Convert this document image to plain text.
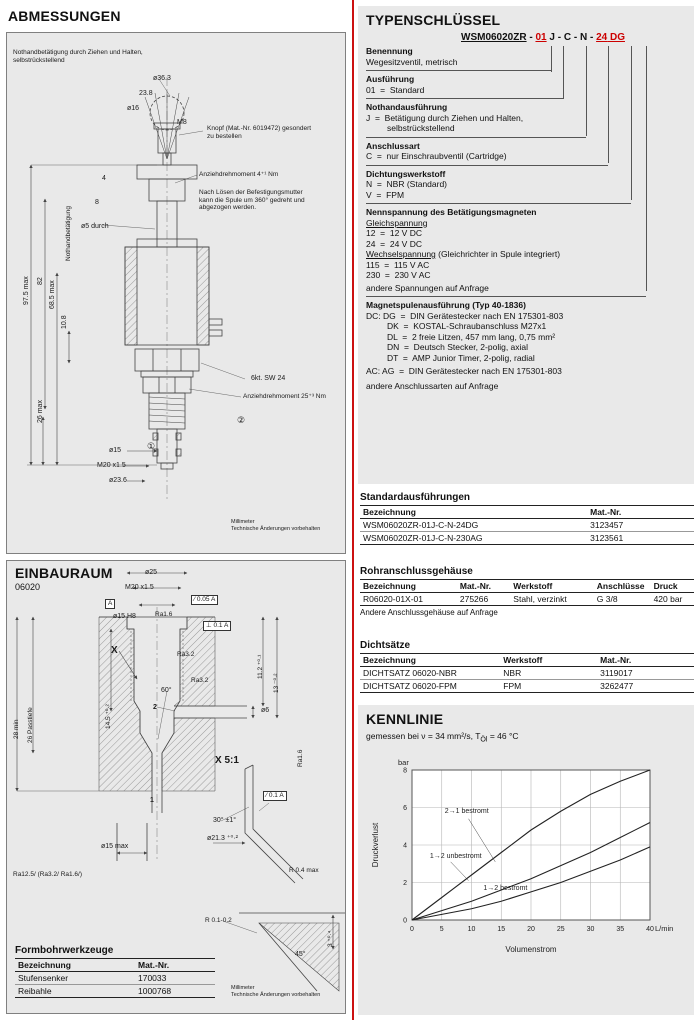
ABMESSUNGEN
Nothandbetätigung durch Ziehen und Halten, selbstrückstellend
ø36.3
23.8
ø16
M8
Knopf (Mat.-Nr. 6019472) gesondert zu bestellen
Anziehdrehmoment 4⁺¹ Nm
Nach Lösen der Befestigungsmutter kann die Spule um 360° gedreht und abgezogen werden.
Nothandbetätigung
4
8
ø5 durch
97.5 max 82 68.5 max
10.8
26 max
6kt. SW 24
Anziehdrehmoment 25⁺³ Nm
②
①
ø15
M20 x1.5
ø23.6
Millimeter
Technische Änderungen vorbehalten
EINBAURAUM
06020
Formbohrwerkzeuge
Bezeichnung	Mat.-Nr.
Stufensenker	170033
Reibahle	1000768
ø25
M20 x1.5
A
∕ 0.05 A
ø15 H8	Ra1.6
⊥ 0.1 A
X	Ra3.2
Ra3.2
11.2 ⁺⁰·¹
13 ⁻⁰·²
ø6
60°
14.5 ⁺⁰·²
26 Passtiefe
28 min
2
1
X 5:1	Ra1.6
∕ 0.1 A
30° ±1°
ø21.3 ⁺⁰·²
ø15 max
Ra12.5/ (Ra3.2/ Ra1.6/)
R 0.4 max
R 0.1-0.2
3 ⁺⁰·⁴
45°
Millimeter
Technische Änderungen vorbehalten
TYPENSCHLÜSSEL
WSM06020ZR - 01 J - C - N - 24 DG

Benennung

Wegesitzventil, metrisch

Ausführung

01  =  Standard

Nothandausführung

J  =  Betätigung durch Ziehen und Halten,

selbstrückstellend

Anschlussart

C  =  nur Einschraubventil (Cartridge)

Dichtungswerkstoff

N  =  NBR (Standard)

V  =  FPM

Nennspannung des Betätigungsmagneten

Gleichspannung

12  =  12 V DC

24  =  24 V DC

Wechselspannung (Gleichrichter in Spule integriert)

115  =  115 V AC

230  =  230 V AC

andere Spannungen auf Anfrage

Magnetspulenausführung (Typ 40-1836)

DC: DG  =  DIN Gerätestecker nach EN 175301-803

DK  =  KOSTAL-Schraubanschluss M27x1

DL  =  2 freie Litzen, 457 mm lang, 0,75 mm²

DN  =  Deutsch Stecker, 2-polig, axial

DT  =  AMP Junior Timer, 2-polig, radial

AC: AG  =  DIN Gerätestecker nach EN 175301-803

andere Anschlussarten auf Anfrage

Standardausführungen
Bezeichnung	Mat.-Nr.
WSM06020ZR-01J-C-N-24DG	3123457
WSM06020ZR-01J-C-N-230AG	3123561
Rohranschlussgehäuse
Bezeichnung	Mat.-Nr.	Werkstoff	Anschlüsse	Druck
R06020-01X-01	275266	Stahl, verzinkt	G 3/8	420 bar
Andere Anschlussgehäuse auf Anfrage
Dichtsätze
Bezeichnung	Werkstoff	Mat.-Nr.
DICHTSATZ 06020-NBR	NBR	3119017
DICHTSATZ 06020-FPM	FPM	3262477
KENNLINIE
gemessen bei ν = 34 mm²/s, $T_{Öl} = 46$ °C
0	5	10	15	20	25	30	35	40
0
2
4
6
8
bar
L/min
Volumenstrom
Druckverlust
2→1 bestromt
1→2 unbestromt
1→2 bestromt
